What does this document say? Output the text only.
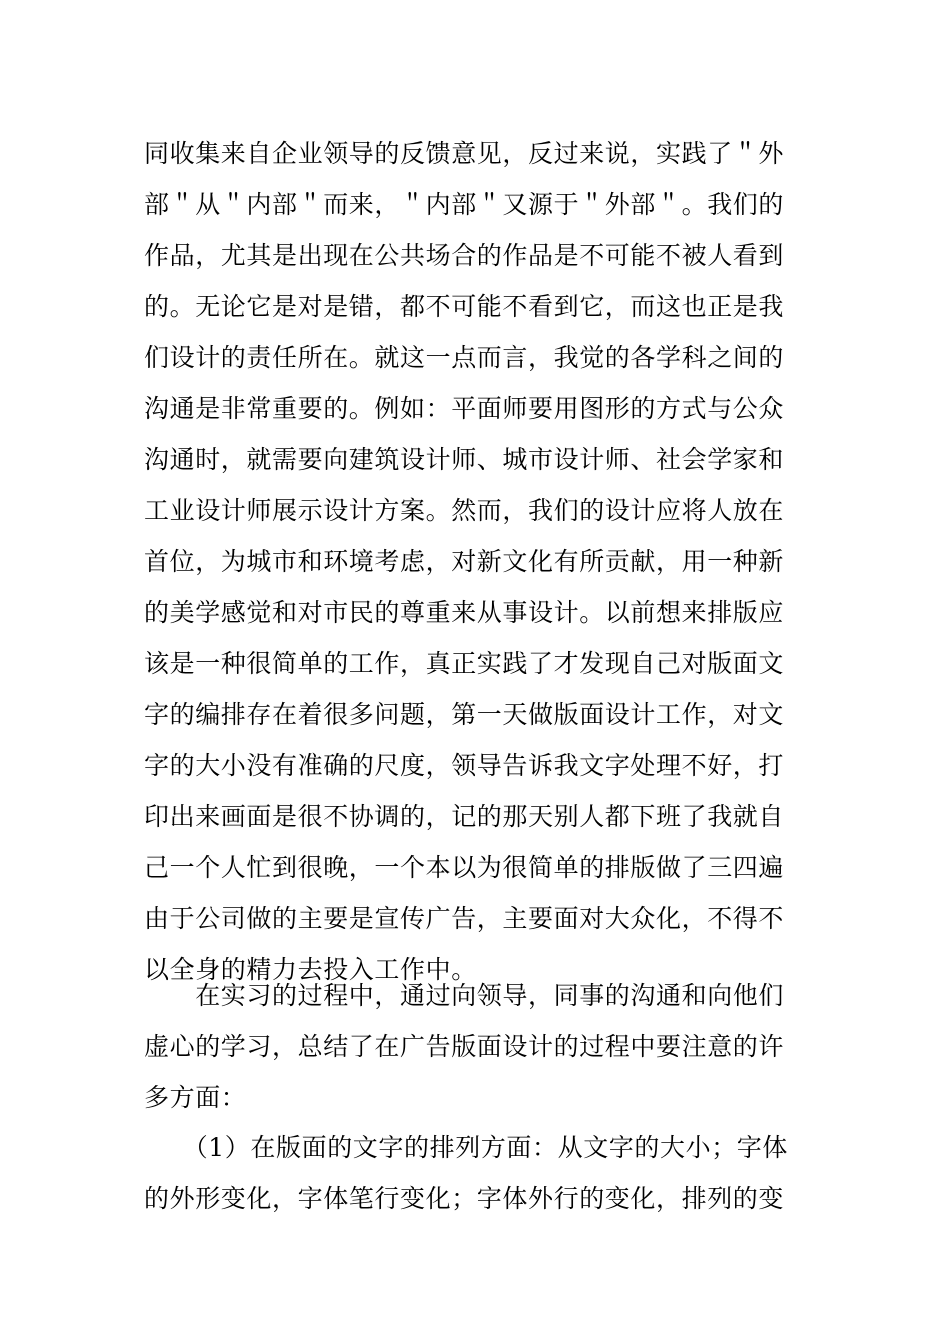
同收集来自企业领导的反馈意见，反过来说，实践了＂外
部＂从＂内部＂而来，＂内部＂又源于＂外部＂。我们的
作品，尤其是出现在公共场合的作品是不可能不被人看到
的。无论它是对是错，都不可能不看到它，而这也正是我
们设计的责任所在。就这一点而言，我觉的各学科之间的
沟通是非常重要的。例如：平面师要用图形的方式与公众
沟通时，就需要向建筑设计师、城市设计师、社会学家和
工业设计师展示设计方案。然而，我们的设计应将人放在
首位，为城市和环境考虑，对新文化有所贡献，用一种新
的美学感觉和对市民的尊重来从事设计。以前想来排版应
该是一种很简单的工作，真正实践了才发现自己对版面文
字的编排存在着很多问题，第一天做版面设计工作，对文
字的大小没有准确的尺度，领导告诉我文字处理不好，打
印出来画面是很不协调的，记的那天别人都下班了我就自
己一个人忙到很晚，一个本以为很简单的排版做了三四遍
由于公司做的主要是宣传广告，主要面对大众化，不得不
以全身的精力去投入工作中。
　　在实习的过程中，通过向领导，同事的沟通和向他们
虚心的学习，总结了在广告版面设计的过程中要注意的许
多方面：
　　（1）在版面的文字的排列方面：从文字的大小；字体
的外形变化，字体笔行变化；字体外行的变化，排列的变
